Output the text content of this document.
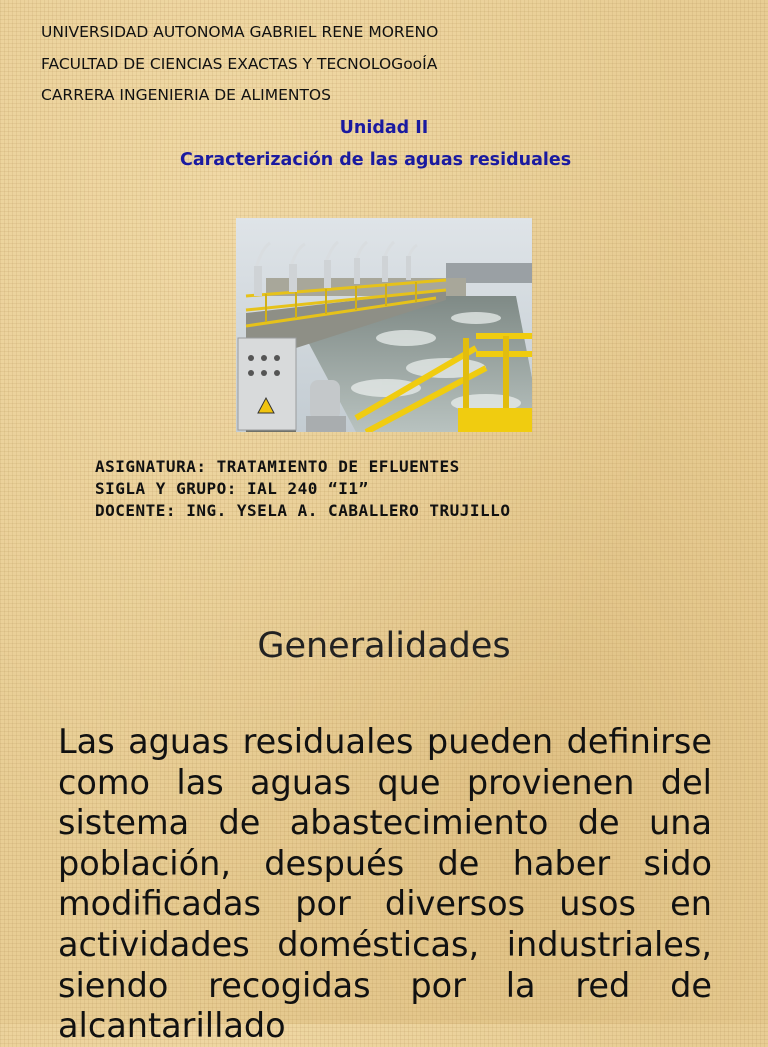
UNIVERSIDAD AUTONOMA GABRIEL RENE MORENO
FACULTAD DE CIENCIAS EXACTAS Y TECNOLOGooÍA
CARRERA INGENIERIA DE ALIMENTOS
Unidad II
Caracterización de las aguas residuales
ASIGNATURA: TRATAMIENTO DE EFLUENTES
SIGLA Y GRUPO: IAL 240 “I1”
DOCENTE: ING. YSELA A. CABALLERO TRUJILLO
Generalidades
Las aguas residuales pueden definirse
como las aguas que provienen del
sistema de abastecimiento de una
población, después de haber sido
modificadas por diversos usos en
actividades domésticas, industriales,
siendo recogidas por la red de
alcantarillado
